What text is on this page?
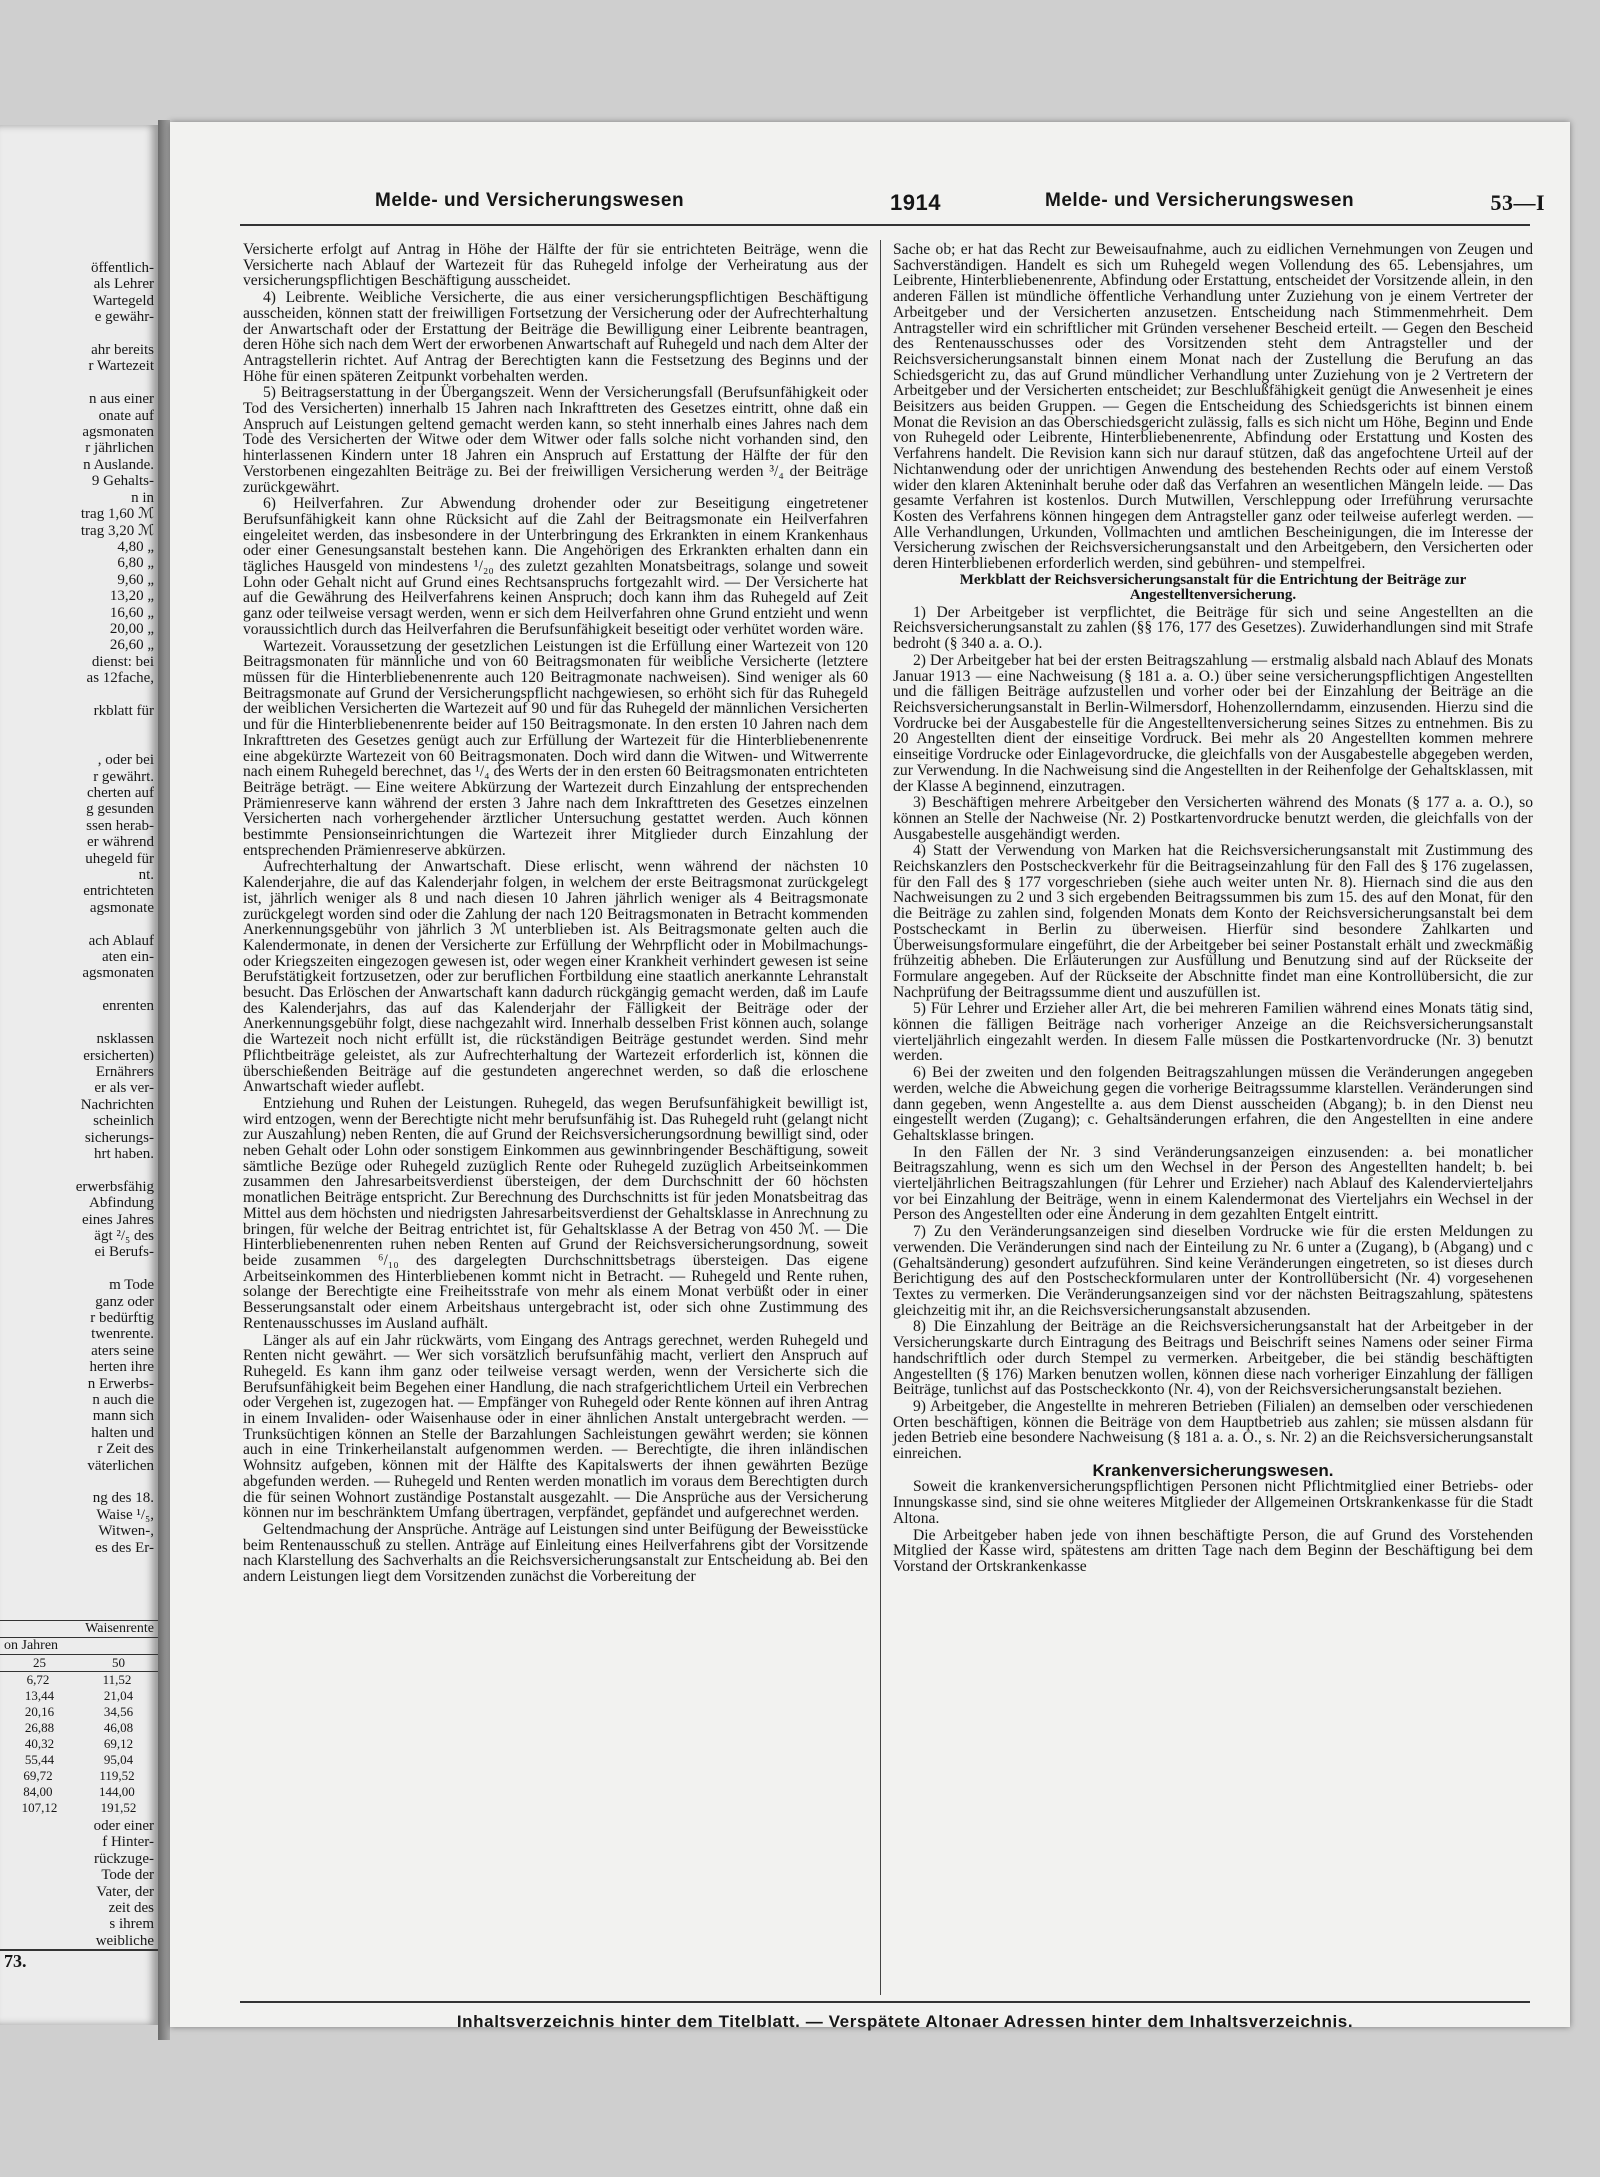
öffentlich-
als Lehrer
Wartegeld
e gewähr-

ahr bereits
r Wartezeit

n aus einer
onate auf
agsmonaten
r jährlichen
n Auslande.
9 Gehalts-
n in
trag 1,60 ℳ
trag 3,20 ℳ
4,80 „
6,80 „
9,60 „
13,20 „
16,60 „
20,00 „
26,60 „
dienst: bei
as 12fache,

rkblatt für

, oder bei
r gewährt.
cherten auf
g gesunden
ssen herab-
er während
uhegeld für
nt.
entrichteten
agsmonate

ach Ablauf
aten ein-
agsmonaten

enrenten

nsklassen
ersicherten)
Ernährers
er als ver-
Nachrichten
scheinlich
sicherungs-
hrt haben.

erwerbsfähig
Abfindung
eines Jahres
ägt ²/₅ des
ei Berufs-

m Tode
ganz oder
r bedürftig
twenrente.
aters seine
herten ihre
n Erwerbs-
n auch die
mann sich
halten und
r Zeit des
väterlichen

ng des 18.
Waise ¹/₅,
Witwen-,
es des Er-
Waisenrente
on Jahren
25	50
6,72	11,52
13,44	21,04
20,16	34,56
26,88	46,08
40,32	69,12
55,44	95,04
69,72	119,52
84,00	144,00
107,12	191,52
oder einer
f Hinter-
rückzuge-
Tode der
Vater, der
zeit des
s ihrem
weibliche
73.
Melde- und Versicherungswesen	1914	Melde- und Versicherungswesen	53—I

Versicherte erfolgt auf Antrag in Höhe der Hälfte der für sie entrichteten Beiträge, wenn die Versicherte nach Ablauf der Wartezeit für das Ruhegeld infolge der Verheiratung aus der versicherungspflichtigen Beschäftigung ausscheidet.

4) Leibrente. Weibliche Versicherte, die aus einer versicherungspflichtigen Beschäftigung ausscheiden, können statt der freiwilligen Fortsetzung der Versicherung oder der Aufrechterhaltung der Anwartschaft oder der Erstattung der Beiträge die Bewilligung einer Leibrente beantragen, deren Höhe sich nach dem Wert der erworbenen Anwartschaft auf Ruhegeld und nach dem Alter der Antragstellerin richtet. Auf Antrag der Berechtigten kann die Festsetzung des Beginns und der Höhe für einen späteren Zeitpunkt vorbehalten werden.

5) Beitragserstattung in der Übergangszeit. Wenn der Versicherungsfall (Berufsunfähigkeit oder Tod des Versicherten) innerhalb 15 Jahren nach Inkrafttreten des Gesetzes eintritt, ohne daß ein Anspruch auf Leistungen geltend gemacht werden kann, so steht innerhalb eines Jahres nach dem Tode des Versicherten der Witwe oder dem Witwer oder falls solche nicht vorhanden sind, den hinterlassenen Kindern unter 18 Jahren ein Anspruch auf Erstattung der Hälfte der für den Verstorbenen eingezahlten Beiträge zu. Bei der freiwilligen Versicherung werden ³/₄ der Beiträge zurückgewährt.

6) Heilverfahren. Zur Abwendung drohender oder zur Beseitigung eingetretener Berufsunfähigkeit kann ohne Rücksicht auf die Zahl der Beitragsmonate ein Heilverfahren eingeleitet werden, das insbesondere in der Unterbringung des Erkrankten in einem Krankenhaus oder einer Genesungsanstalt bestehen kann. Die Angehörigen des Erkrankten erhalten dann ein tägliches Hausgeld von mindestens ¹/₂₀ des zuletzt gezahlten Monatsbeitrags, solange und soweit Lohn oder Gehalt nicht auf Grund eines Rechtsanspruchs fortgezahlt wird. — Der Versicherte hat auf die Gewährung des Heilverfahrens keinen Anspruch; doch kann ihm das Ruhegeld auf Zeit ganz oder teilweise versagt werden, wenn er sich dem Heilverfahren ohne Grund entzieht und wenn voraussichtlich durch das Heilverfahren die Berufsunfähigkeit beseitigt oder verhütet worden wäre.

Wartezeit. Voraussetzung der gesetzlichen Leistungen ist die Erfüllung einer Wartezeit von 120 Beitragsmonaten für männliche und von 60 Beitragsmonaten für weibliche Versicherte (letztere müssen für die Hinterbliebenenrente auch 120 Beitragmonate nachweisen). Sind weniger als 60 Beitragsmonate auf Grund der Versicherungspflicht nachgewiesen, so erhöht sich für das Ruhegeld der weiblichen Versicherten die Wartezeit auf 90 und für das Ruhegeld der männlichen Versicherten und für die Hinterbliebenenrente beider auf 150 Beitragsmonate. In den ersten 10 Jahren nach dem Inkrafttreten des Gesetzes genügt auch zur Erfüllung der Wartezeit für die Hinterbliebenenrente eine abgekürzte Wartezeit von 60 Beitragsmonaten. Doch wird dann die Witwen- und Witwerrente nach einem Ruhegeld berechnet, das ¹/₄ des Werts der in den ersten 60 Beitragsmonaten entrichteten Beiträge beträgt. — Eine weitere Abkürzung der Wartezeit durch Einzahlung der entsprechenden Prämienreserve kann während der ersten 3 Jahre nach dem Inkrafttreten des Gesetzes einzelnen Versicherten nach vorhergehender ärztlicher Untersuchung gestattet werden. Auch können bestimmte Pensionseinrichtungen die Wartezeit ihrer Mitglieder durch Einzahlung der entsprechenden Prämienreserve abkürzen.

Aufrechterhaltung der Anwartschaft. Diese erlischt, wenn während der nächsten 10 Kalenderjahre, die auf das Kalenderjahr folgen, in welchem der erste Beitragsmonat zurückgelegt ist, jährlich weniger als 8 und nach diesen 10 Jahren jährlich weniger als 4 Beitragsmonate zurückgelegt worden sind oder die Zahlung der nach 120 Beitragsmonaten in Betracht kommenden Anerkennungsgebühr von jährlich 3 ℳ unterblieben ist. Als Beitragsmonate gelten auch die Kalendermonate, in denen der Versicherte zur Erfüllung der Wehrpflicht oder in Mobilmachungs- oder Kriegszeiten eingezogen gewesen ist, oder wegen einer Krankheit verhindert gewesen ist seine Berufstätigkeit fortzusetzen, oder zur beruflichen Fortbildung eine staatlich anerkannte Lehranstalt besucht. Das Erlöschen der Anwartschaft kann dadurch rückgängig gemacht werden, daß im Laufe des Kalenderjahrs, das auf das Kalenderjahr der Fälligkeit der Beiträge oder der Anerkennungsgebühr folgt, diese nachgezahlt wird. Innerhalb desselben Frist können auch, solange die Wartezeit noch nicht erfüllt ist, die rückständigen Beiträge gestundet werden. Sind mehr Pflichtbeiträge geleistet, als zur Aufrechterhaltung der Wartezeit erforderlich ist, können die überschießenden Beiträge auf die gestundeten angerechnet werden, so daß die erloschene Anwartschaft wieder auflebt.

Entziehung und Ruhen der Leistungen. Ruhegeld, das wegen Berufsunfähigkeit bewilligt ist, wird entzogen, wenn der Berechtigte nicht mehr berufsunfähig ist. Das Ruhegeld ruht (gelangt nicht zur Auszahlung) neben Renten, die auf Grund der Reichsversicherungsordnung bewilligt sind, oder neben Gehalt oder Lohn oder sonstigem Einkommen aus gewinnbringender Beschäftigung, soweit sämtliche Bezüge oder Ruhegeld zuzüglich Rente oder Ruhegeld zuzüglich Arbeitseinkommen zusammen den Jahresarbeitsverdienst übersteigen, der dem Durchschnitt der 60 höchsten monatlichen Beiträge entspricht. Zur Berechnung des Durchschnitts ist für jeden Monatsbeitrag das Mittel aus dem höchsten und niedrigsten Jahresarbeitsverdienst der Gehaltsklasse in Anrechnung zu bringen, für welche der Beitrag entrichtet ist, für Gehaltsklasse A der Betrag von 450 ℳ. — Die Hinterbliebenenrenten ruhen neben Renten auf Grund der Reichsversicherungsordnung, soweit beide zusammen ⁶/₁₀ des dargelegten Durchschnittsbetrags übersteigen. Das eigene Arbeitseinkommen des Hinterbliebenen kommt nicht in Betracht. — Ruhegeld und Rente ruhen, solange der Berechtigte eine Freiheitsstrafe von mehr als einem Monat verbüßt oder in einer Besserungsanstalt oder einem Arbeitshaus untergebracht ist, oder sich ohne Zustimmung des Rentenausschusses im Ausland aufhält.

Länger als auf ein Jahr rückwärts, vom Eingang des Antrags gerechnet, werden Ruhegeld und Renten nicht gewährt. — Wer sich vorsätzlich berufsunfähig macht, verliert den Anspruch auf Ruhegeld. Es kann ihm ganz oder teilweise versagt werden, wenn der Versicherte sich die Berufsunfähigkeit beim Begehen einer Handlung, die nach strafgerichtlichem Urteil ein Verbrechen oder Vergehen ist, zugezogen hat. — Empfänger von Ruhegeld oder Rente können auf ihren Antrag in einem Invaliden- oder Waisenhause oder in einer ähnlichen Anstalt untergebracht werden. — Trunksüchtigen können an Stelle der Barzahlungen Sachleistungen gewährt werden; sie können auch in eine Trinkerheilanstalt aufgenommen werden. — Berechtigte, die ihren inländischen Wohnsitz aufgeben, können mit der Hälfte des Kapitalswerts der ihnen gewährten Bezüge abgefunden werden. — Ruhegeld und Renten werden monatlich im voraus dem Berechtigten durch die für seinen Wohnort zuständige Postanstalt ausgezahlt. — Die Ansprüche aus der Versicherung können nur im beschränktem Umfang übertragen, verpfändet, gepfändet und aufgerechnet werden.

Geltendmachung der Ansprüche. Anträge auf Leistungen sind unter Beifügung der Beweisstücke beim Rentenausschuß zu stellen. Anträge auf Einleitung eines Heilverfahrens gibt der Vorsitzende nach Klarstellung des Sachverhalts an die Reichsversicherungsanstalt zur Entscheidung ab. Bei den andern Leistungen liegt dem Vorsitzenden zunächst die Vorbereitung der

Sache ob; er hat das Recht zur Beweisaufnahme, auch zu eidlichen Vernehmungen von Zeugen und Sachverständigen. Handelt es sich um Ruhegeld wegen Vollendung des 65. Lebensjahres, um Leibrente, Hinterbliebenenrente, Abfindung oder Erstattung, entscheidet der Vorsitzende allein, in den anderen Fällen ist mündliche öffentliche Verhandlung unter Zuziehung von je einem Vertreter der Arbeitgeber und der Versicherten anzusetzen. Entscheidung nach Stimmenmehrheit. Dem Antragsteller wird ein schriftlicher mit Gründen versehener Bescheid erteilt. — Gegen den Bescheid des Rentenausschusses oder des Vorsitzenden steht dem Antragsteller und der Reichsversicherungsanstalt binnen einem Monat nach der Zustellung die Berufung an das Schiedsgericht zu, das auf Grund mündlicher Verhandlung unter Zuziehung von je 2 Vertretern der Arbeitgeber und der Versicherten entscheidet; zur Beschlußfähigkeit genügt die Anwesenheit je eines Beisitzers aus beiden Gruppen. — Gegen die Entscheidung des Schiedsgerichts ist binnen einem Monat die Revision an das Oberschiedsgericht zulässig, falls es sich nicht um Höhe, Beginn und Ende von Ruhegeld oder Leibrente, Hinterbliebenenrente, Abfindung oder Erstattung und Kosten des Verfahrens handelt. Die Revision kann sich nur darauf stützen, daß das angefochtene Urteil auf der Nichtanwendung oder der unrichtigen Anwendung des bestehenden Rechts oder auf einem Verstoß wider den klaren Akteninhalt beruhe oder daß das Verfahren an wesentlichen Mängeln leide. — Das gesamte Verfahren ist kostenlos. Durch Mutwillen, Verschleppung oder Irreführung verursachte Kosten des Verfahrens können hingegen dem Antragsteller ganz oder teilweise auferlegt werden. — Alle Verhandlungen, Urkunden, Vollmachten und amtlichen Bescheinigungen, die im Interesse der Versicherung zwischen der Reichsversicherungsanstalt und den Arbeitgebern, den Versicherten oder deren Hinterbliebenen erforderlich werden, sind gebühren- und stempelfrei.

Merkblatt der Reichsversicherungsanstalt für die Entrichtung der Beiträge zur Angestelltenversicherung.

1) Der Arbeitgeber ist verpflichtet, die Beiträge für sich und seine Angestellten an die Reichsversicherungsanstalt zu zahlen (§§ 176, 177 des Gesetzes). Zuwiderhandlungen sind mit Strafe bedroht (§ 340 a. a. O.).

2) Der Arbeitgeber hat bei der ersten Beitragszahlung — erstmalig alsbald nach Ablauf des Monats Januar 1913 — eine Nachweisung (§ 181 a. a. O.) über seine versicherungspflichtigen Angestellten und die fälligen Beiträge aufzustellen und vorher oder bei der Einzahlung der Beiträge an die Reichsversicherungsanstalt in Berlin-Wilmersdorf, Hohenzollerndamm, einzusenden. Hierzu sind die Vordrucke bei der Ausgabestelle für die Angestelltenversicherung seines Sitzes zu entnehmen. Bis zu 20 Angestellten dient der einseitige Vordruck. Bei mehr als 20 Angestellten kommen mehrere einseitige Vordrucke oder Einlagevordrucke, die gleichfalls von der Ausgabestelle abgegeben werden, zur Verwendung. In die Nachweisung sind die Angestellten in der Reihenfolge der Gehaltsklassen, mit der Klasse A beginnend, einzutragen.

3) Beschäftigen mehrere Arbeitgeber den Versicherten während des Monats (§ 177 a. a. O.), so können an Stelle der Nachweise (Nr. 2) Postkartenvordrucke benutzt werden, die gleichfalls von der Ausgabestelle ausgehändigt werden.

4) Statt der Verwendung von Marken hat die Reichsversicherungsanstalt mit Zustimmung des Reichskanzlers den Postscheckverkehr für die Beitragseinzahlung für den Fall des § 176 zugelassen, für den Fall des § 177 vorgeschrieben (siehe auch weiter unten Nr. 8). Hiernach sind die aus den Nachweisungen zu 2 und 3 sich ergebenden Beitragssummen bis zum 15. des auf den Monat, für den die Beiträge zu zahlen sind, folgenden Monats dem Konto der Reichsversicherungsanstalt bei dem Postscheckamt in Berlin zu überweisen. Hierfür sind besondere Zahlkarten und Überweisungsformulare eingeführt, die der Arbeitgeber bei seiner Postanstalt erhält und zweckmäßig frühzeitig abheben. Die Erläuterungen zur Ausfüllung und Benutzung sind auf der Rückseite der Formulare angegeben. Auf der Rückseite der Abschnitte findet man eine Kontrollübersicht, die zur Nachprüfung der Beitragssumme dient und auszufüllen ist.

5) Für Lehrer und Erzieher aller Art, die bei mehreren Familien während eines Monats tätig sind, können die fälligen Beiträge nach vorheriger Anzeige an die Reichsversicherungsanstalt vierteljährlich eingezahlt werden. In diesem Falle müssen die Postkartenvordrucke (Nr. 3) benutzt werden.

6) Bei der zweiten und den folgenden Beitragszahlungen müssen die Veränderungen angegeben werden, welche die Abweichung gegen die vorherige Beitragssumme klarstellen. Veränderungen sind dann gegeben, wenn Angestellte a. aus dem Dienst ausscheiden (Abgang); b. in den Dienst neu eingestellt werden (Zugang); c. Gehaltsänderungen erfahren, die den Angestellten in eine andere Gehaltsklasse bringen.

In den Fällen der Nr. 3 sind Veränderungsanzeigen einzusenden: a. bei monatlicher Beitragszahlung, wenn es sich um den Wechsel in der Person des Angestellten handelt; b. bei vierteljährlichen Beitragszahlungen (für Lehrer und Erzieher) nach Ablauf des Kalendervierteljahrs vor bei Einzahlung der Beiträge, wenn in einem Kalendermonat des Vierteljahrs ein Wechsel in der Person des Angestellten oder eine Änderung in dem gezahlten Entgelt eintritt.

7) Zu den Veränderungsanzeigen sind dieselben Vordrucke wie für die ersten Meldungen zu verwenden. Die Veränderungen sind nach der Einteilung zu Nr. 6 unter a (Zugang), b (Abgang) und c (Gehaltsänderung) gesondert aufzuführen. Sind keine Veränderungen eingetreten, so ist dieses durch Berichtigung des auf den Postscheckformularen unter der Kontrollübersicht (Nr. 4) vorgesehenen Textes zu vermerken. Die Veränderungsanzeigen sind vor der nächsten Beitragszahlung, spätestens gleichzeitig mit ihr, an die Reichsversicherungsanstalt abzusenden.

8) Die Einzahlung der Beiträge an die Reichsversicherungsanstalt hat der Arbeitgeber in der Versicherungskarte durch Eintragung des Beitrags und Beischrift seines Namens oder seiner Firma handschriftlich oder durch Stempel zu vermerken. Arbeitgeber, die bei ständig beschäftigten Angestellten (§ 176) Marken benutzen wollen, können diese nach vorheriger Einzahlung der fälligen Beiträge, tunlichst auf das Postscheckkonto (Nr. 4), von der Reichsversicherungsanstalt beziehen.

9) Arbeitgeber, die Angestellte in mehreren Betrieben (Filialen) an demselben oder verschiedenen Orten beschäftigen, können die Beiträge von dem Hauptbetrieb aus zahlen; sie müssen alsdann für jeden Betrieb eine besondere Nachweisung (§ 181 a. a. O., s. Nr. 2) an die Reichsversicherungsanstalt einreichen.

Krankenversicherungswesen.

Soweit die krankenversicherungspflichtigen Personen nicht Pflichtmitglied einer Betriebs- oder Innungskasse sind, sind sie ohne weiteres Mitglieder der Allgemeinen Ortskrankenkasse für die Stadt Altona.

Die Arbeitgeber haben jede von ihnen beschäftigte Person, die auf Grund des Vorstehenden Mitglied der Kasse wird, spätestens am dritten Tage nach dem Beginn der Beschäftigung bei dem Vorstand der Ortskrankenkasse

Inhaltsverzeichnis hinter dem Titelblatt. — Verspätete Altonaer Adressen hinter dem Inhaltsverzeichnis.
